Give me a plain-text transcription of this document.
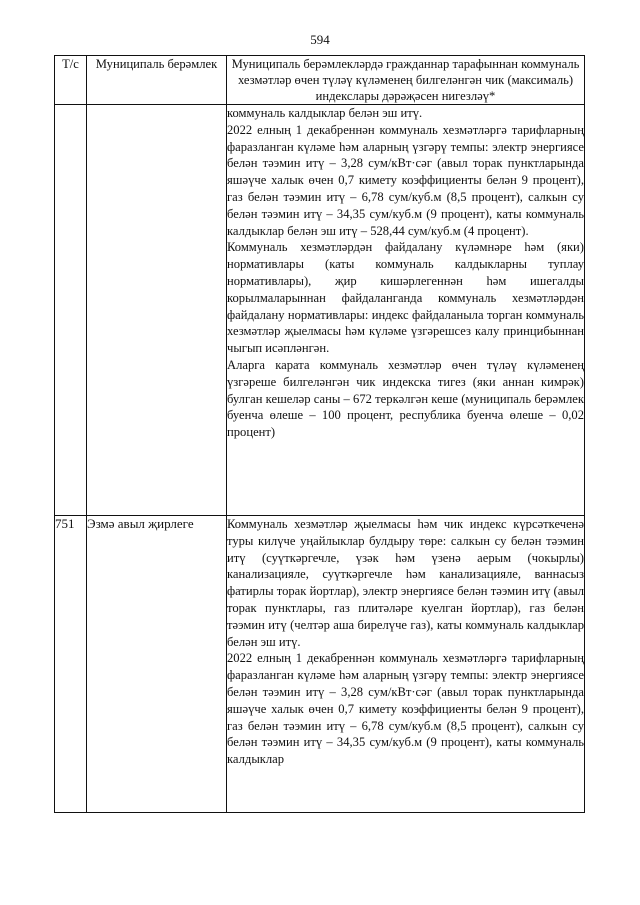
594
Т/с	Муниципаль берәмлек	Муниципаль берәмлекләрдә гражданнар тарафыннан коммуналь хезмәтләр өчен түләү күләменең билгеләнгән чик (максималь) индекслары дәрәҗәсен нигезләү*

		коммуналь калдыклар белән эш итү.

2022 елның 1 декабреннән коммуналь хезмәтләргә тарифларның фаразланган күләме һәм аларның үзгәрү темпы: электр энергиясе белән тәэмин итү – 3,28 сум/кВт·сәг (авыл торак пунктларында яшәүче халык өчен 0,7 кимету коэффициенты белән 9 процент), газ белән тәэмин итү – 6,78 сум/куб.м (8,5 процент), салкын су белән тәэмин итү – 34,35 сум/куб.м (9 процент), каты коммуналь калдыклар белән эш итү – 528,44 сум/куб.м (4 процент).

Коммуналь хезмәтләрдән файдалану күләмнәре һәм (яки) нормативлары (каты коммуналь калдыкларны туплау нормативлары), җир кишәрлегеннән һәм ишегалды корылмаларыннан файдаланганда коммуналь хезмәтләрдән файдалану нормативлары: индекс файдаланыла торган коммуналь хезмәтләр җыелмасы һәм күләме үзгәрешсез калу принцибыннан чыгып исәпләнгән.

Аларга карата коммуналь хезмәтләр өчен түләү күләменең үзгәреше билгеләнгән чик индекска тигез (яки аннан кимрәк) булган кешеләр саны – 672 теркәлгән кеше (муниципаль берәмлек буенча өлеше – 100 процент, республика буенча өлеше – 0,02 процент)

751	Эзмә авыл җирлеге	Коммуналь хезмәтләр җыелмасы һәм чик индекс күрсәткеченә туры килүче уңайлыклар булдыру төре: салкын су белән тәэмин итү (суүткәргечле, үзәк һәм үзенә аерым (чокырлы) канализацияле, суүткәргечле һәм канализацияле, ваннасыз фатирлы торак йортлар), электр энергиясе белән тәэмин итү (авыл торак пунктлары, газ плитәләре куелган йортлар), газ белән тәэмин итү (челтәр аша бирелүче газ), каты коммуналь калдыклар белән эш итү.

2022 елның 1 декабреннән коммуналь хезмәтләргә тарифларның фаразланган күләме һәм аларның үзгәрү темпы: электр энергиясе белән тәэмин итү – 3,28 сум/кВт·сәг (авыл торак пунктларында яшәүче халык өчен 0,7 кимету коэффициенты белән 9 процент), газ белән тәэмин итү – 6,78 сум/куб.м (8,5 процент), салкын су белән тәэмин итү – 34,35 сум/куб.м (9 процент), каты коммуналь калдыклар
